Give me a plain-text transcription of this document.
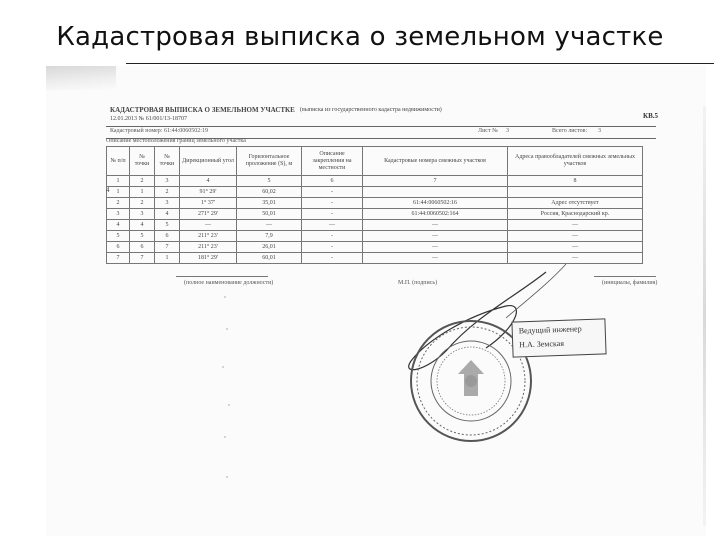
Кадастровая выписка о земельном участке
КАДАСТРОВАЯ ВЫПИСКА О ЗЕМЕЛЬНОМ УЧАСТКЕ (выписка из государственного кадастра недвижимости)
12.01.2013 № 61/001/13-18707	КВ.5
Кадастровый номер: 61:44:0060502:19	Лист № 3	Всего листов: 3
Описание местоположения границ земельного участка
№ п/п	№ точки	№ точки	Дирекционный угол	Горизонтальное проложение (S), м	Описание закрепления на местности	Кадастровые номера смежных участков	Адреса правообладателей смежных земельных участков
1	2	3	4	5	6	7	8
1	1	2	91° 29'	60,02	-		
2	2	3	1° 37'	35,01	-	61:44:0060502:16	Адрес отсутствует
3	3	4	271° 29'	50,01	-	61:44:0060502:164	Россия, Краснодарский кр.
4	4	5	—	—	—	—	—
5	5	6	211° 23'	7,9	-	—	—
6	6	7	211° 23'	26,01	-	—	—
7	7	1	181° 29'	60,01	-	—	—
4
(полное наименование должности)	М.П. (подпись)	(инициалы, фамилия)
Ведущий инженер
Н.А. Земская
